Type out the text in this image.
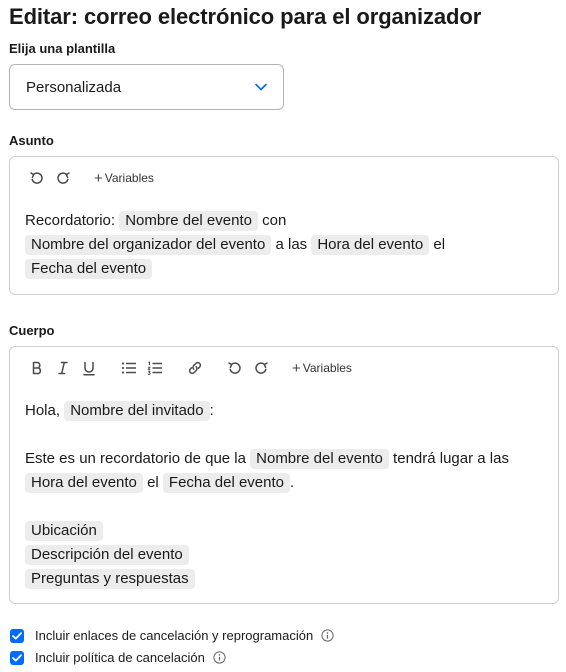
Editar: correo electrónico para el organizador
Elija una plantilla
Personalizada
Asunto
+ Variables
Recordatorio: Nombre del evento con
Nombre del organizador del evento a las Hora del evento el
Fecha del evento
Cuerpo
+ Variables
Hola, Nombre del invitado :
Este es un recordatorio de que la Nombre del evento tendrá lugar a las
Hora del evento el Fecha del evento .
Ubicación
Descripción del evento
Preguntas y respuestas
Incluir enlaces de cancelación y reprogramación
Incluir política de cancelación
